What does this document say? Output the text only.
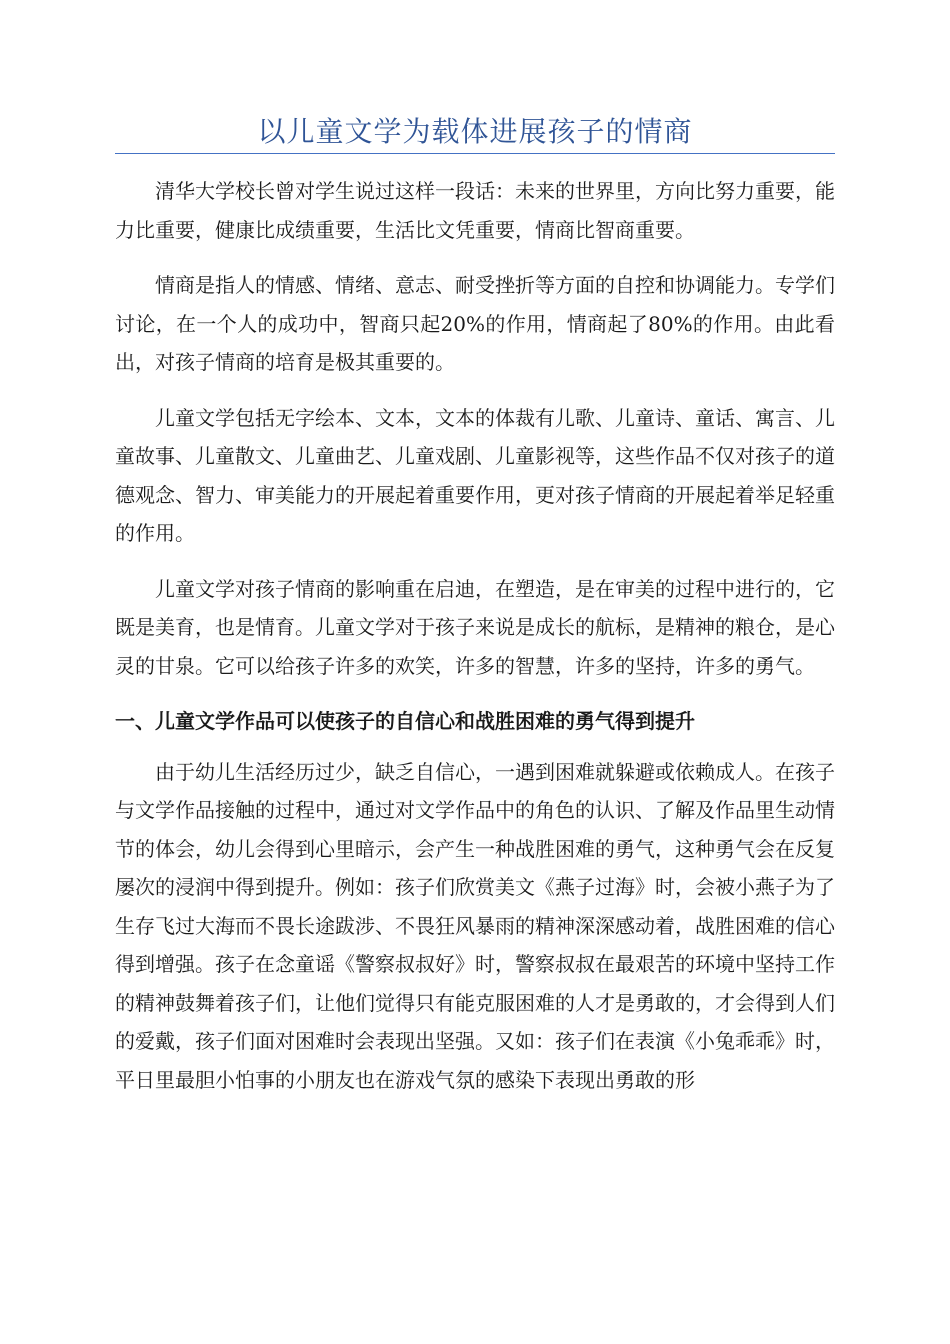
以儿童文学为载体进展孩子的情商

清华大学校长曾对学生说过这样一段话：未来的世界里，方向比努力重要，能力比重要，健康比成绩重要，生活比文凭重要，情商比智商重要。

情商是指人的情感、情绪、意志、耐受挫折等方面的自控和协调能力。专学们讨论，在一个人的成功中，智商只起20%的作用，情商起了80%的作用。由此看出，对孩子情商的培育是极其重要的。

儿童文学包括无字绘本、文本，文本的体裁有儿歌、儿童诗、童话、寓言、儿童故事、儿童散文、儿童曲艺、儿童戏剧、儿童影视等，这些作品不仅对孩子的道德观念、智力、审美能力的开展起着重要作用，更对孩子情商的开展起着举足轻重的作用。

儿童文学对孩子情商的影响重在启迪，在塑造，是在审美的过程中进行的，它既是美育，也是情育。儿童文学对于孩子来说是成长的航标，是精神的粮仓，是心灵的甘泉。它可以给孩子许多的欢笑，许多的智慧，许多的坚持，许多的勇气。

一、儿童文学作品可以使孩子的自信心和战胜困难的勇气得到提升

由于幼儿生活经历过少，缺乏自信心，一遇到困难就躲避或依赖成人。在孩子与文学作品接触的过程中，通过对文学作品中的角色的认识、了解及作品里生动情节的体会，幼儿会得到心里暗示，会产生一种战胜困难的勇气，这种勇气会在反复屡次的浸润中得到提升。例如：孩子们欣赏美文《燕子过海》时，会被小燕子为了生存飞过大海而不畏长途跋涉、不畏狂风暴雨的精神深深感动着，战胜困难的信心得到增强。孩子在念童谣《警察叔叔好》时，警察叔叔在最艰苦的环境中坚持工作的精神鼓舞着孩子们，让他们觉得只有能克服困难的人才是勇敢的，才会得到人们的爱戴，孩子们面对困难时会表现出坚强。又如：孩子们在表演《小兔乖乖》时，平日里最胆小怕事的小朋友也在游戏气氛的感染下表现出勇敢的形
